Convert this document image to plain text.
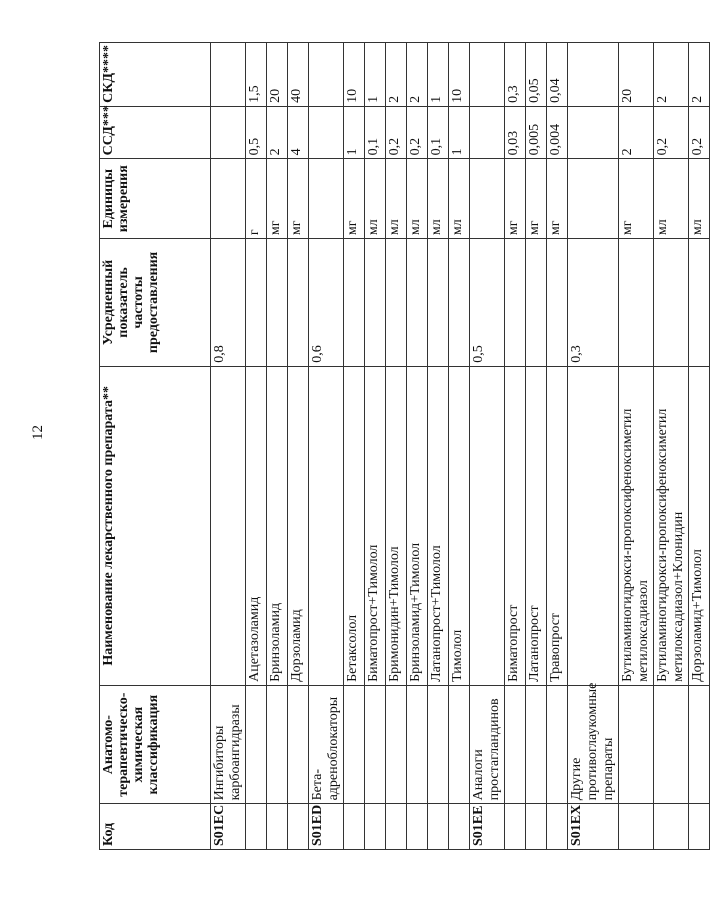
12
Код	Анатомо-терапевтическо-химическая классификация	Наименование лекарственного препарата**	Усредненный показатель частоты предоставления	Единицы измерения	ССД***	СКД****
S01EC	Ингибиторы карбоангидразы		0,8			
		Ацетазоламид		г	0,5	1,5
		Бринзоламид		мг	2	20
		Дорзоламид		мг	4	40
S01ED	Бета-адреноблокаторы		0,6			
		Бетаксолол		мг	1	10
		Биматопрост+Тимолол		мл	0,1	1
		Бримонидин+Тимолол		мл	0,2	2
		Бринзоламид+Тимолол		мл	0,2	2
		Латанопрост+Тимолол		мл	0,1	1
		Тимолол		мл	1	10
S01EE	Аналоги простагландинов		0,5			
		Биматопрост		мг	0,03	0,3
		Латанопрост		мг	0,005	0,05
		Травопрост		мг	0,004	0,04
S01EX	Другие противоглаукомные препараты		0,3			
		Бутиламиногидрокси-пропоксифеноксиметил метилоксадиазол		мг	2	20
		Бутиламиногидрокси-пропоксифеноксиметил метилоксадиазол+Клонидин		мл	0,2	2
		Дорзоламид+Тимолол		мл	0,2	2
